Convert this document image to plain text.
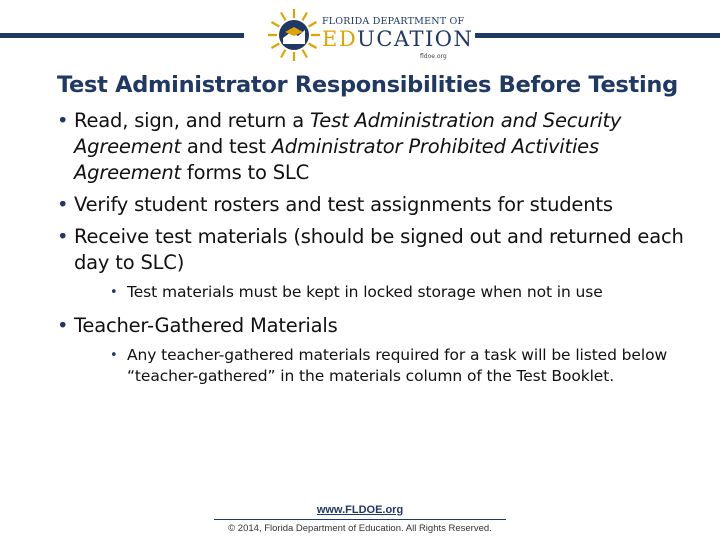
FLORIDA DEPARTMENT OF
EDUCATION
fldoe.org
Test Administrator Responsibilities Before Testing
• Read, sign, and return a Test Administration and Security Agreement and test Administrator Prohibited Activities Agreement forms to SLC
• Verify student rosters and test assignments for students
• Receive test materials (should be signed out and returned each day to SLC)
• Test materials must be kept in locked storage when not in use
• Teacher-Gathered Materials
• Any teacher-gathered materials required for a task will be listed below “teacher-gathered” in the materials column of the Test Booklet.
www.FLDOE.org
© 2014, Florida Department of Education. All Rights Reserved.
